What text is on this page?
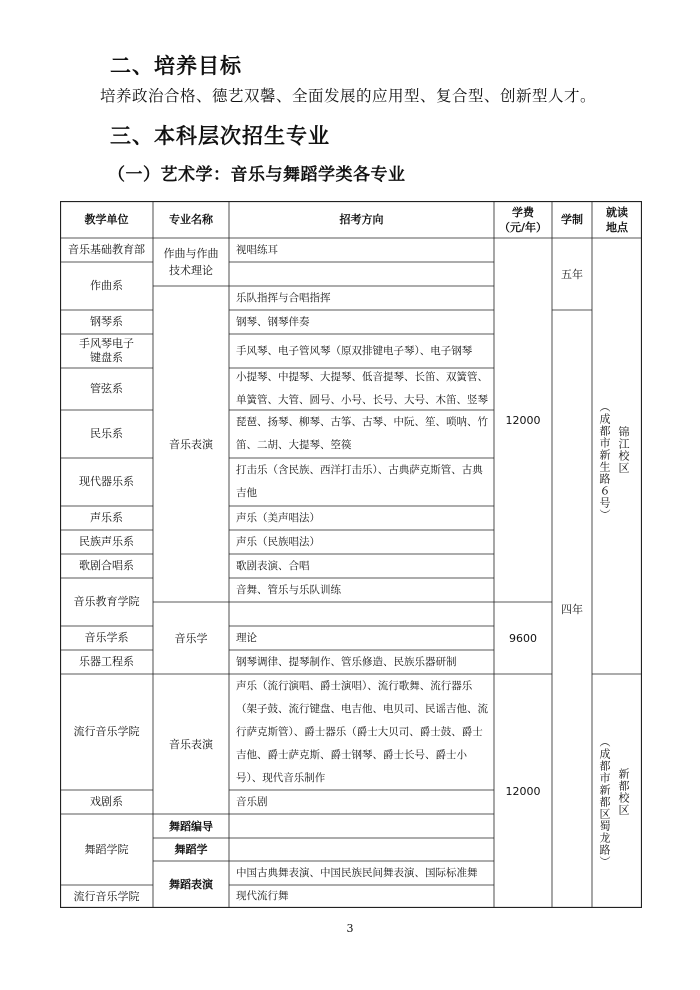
二、培养目标
培养政治合格、德艺双馨、全面发展的应用型、复合型、创新型人才。
三、本科层次招生专业
（一）艺术学：音乐与舞蹈学类各专业
教学单位	专业名称	招考方向
学费
（元/年）
学制
就读
地点
音乐基础教育部
作曲系
钢琴系
手风琴电子
键盘系
管弦系
民乐系
现代器乐系
声乐系
民族声乐系
歌剧合唱系
音乐教育学院
音乐学系
乐器工程系
流行音乐学院
戏剧系
舞蹈学院
流行音乐学院
作曲与作曲
技术理论
音乐表演
音乐学
音乐表演
舞蹈编导
舞蹈学
舞蹈表演
视唱练耳
乐队指挥与合唱指挥
钢琴、钢琴伴奏
手风琴、电子管风琴（原双排键电子琴）、电子钢琴
小提琴、中提琴、大提琴、低音提琴、长笛、双簧管、单簧管、大管、圆号、小号、长号、大号、木笛、竖琴
琵琶、扬琴、柳琴、古筝、古琴、中阮、笙、唢呐、竹笛、二胡、大提琴、箜篌
打击乐（含民族、西洋打击乐）、古典萨克斯管、古典吉他
声乐（美声唱法）
声乐（民族唱法）
歌剧表演、合唱
音舞、管乐与乐队训练
理论
钢琴调律、提琴制作、管乐修造、民族乐器研制
声乐（流行演唱、爵士演唱）、流行歌舞、流行器乐（架子鼓、流行键盘、电吉他、电贝司、民谣吉他、流行萨克斯管）、爵士器乐（爵士大贝司、爵士鼓、爵士吉他、爵士萨克斯、爵士钢琴、爵士长号、爵士小号）、现代音乐制作
音乐剧
中国古典舞表演、中国民族民间舞表演、国际标准舞
现代流行舞
12000
9600
12000
五年
四年
锦江校区
（成都市新生路６号）
新都校区
（成都市新都区蜀龙路）
3
